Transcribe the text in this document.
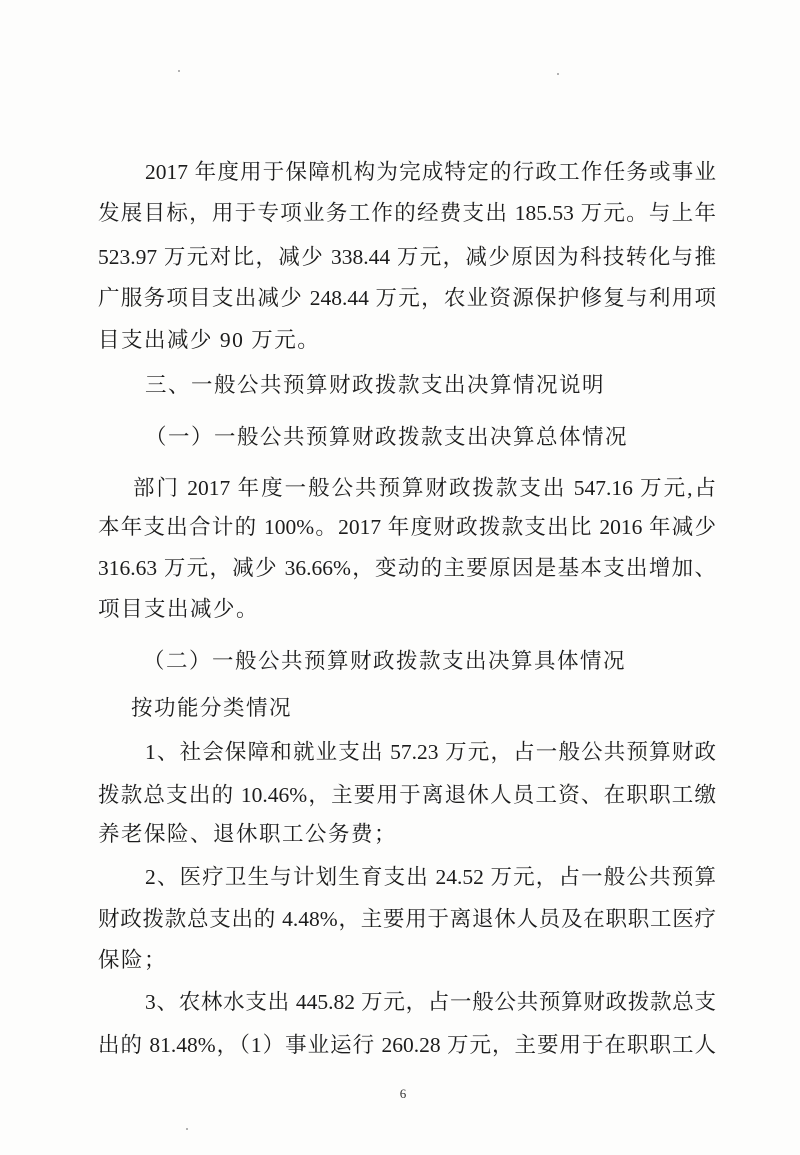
2017 年度用于保障机构为完成特定的行政工作任务或事业
发展目标，用于专项业务工作的经费支出 185.53 万元。与上年
523.97 万元对比，减少 338.44 万元，减少原因为科技转化与推
广服务项目支出减少 248.44 万元，农业资源保护修复与利用项
目支出减少 90 万元。
三、一般公共预算财政拨款支出决算情况说明
（一）一般公共预算财政拨款支出决算总体情况
部门 2017 年度一般公共预算财政拨款支出 547.16 万元,占
本年支出合计的 100%。2017 年度财政拨款支出比 2016 年减少
316.63 万元，减少 36.66%，变动的主要原因是基本支出增加、
项目支出减少。
（二）一般公共预算财政拨款支出决算具体情况
按功能分类情况
1、社会保障和就业支出 57.23 万元，占一般公共预算财政
拨款总支出的 10.46%，主要用于离退休人员工资、在职职工缴
养老保险、退休职工公务费；
2、医疗卫生与计划生育支出 24.52 万元，占一般公共预算
财政拨款总支出的 4.48%，主要用于离退休人员及在职职工医疗
保险；
3、农林水支出 445.82 万元，占一般公共预算财政拨款总支
出的 81.48%，（1）事业运行 260.28 万元，主要用于在职职工人
6
